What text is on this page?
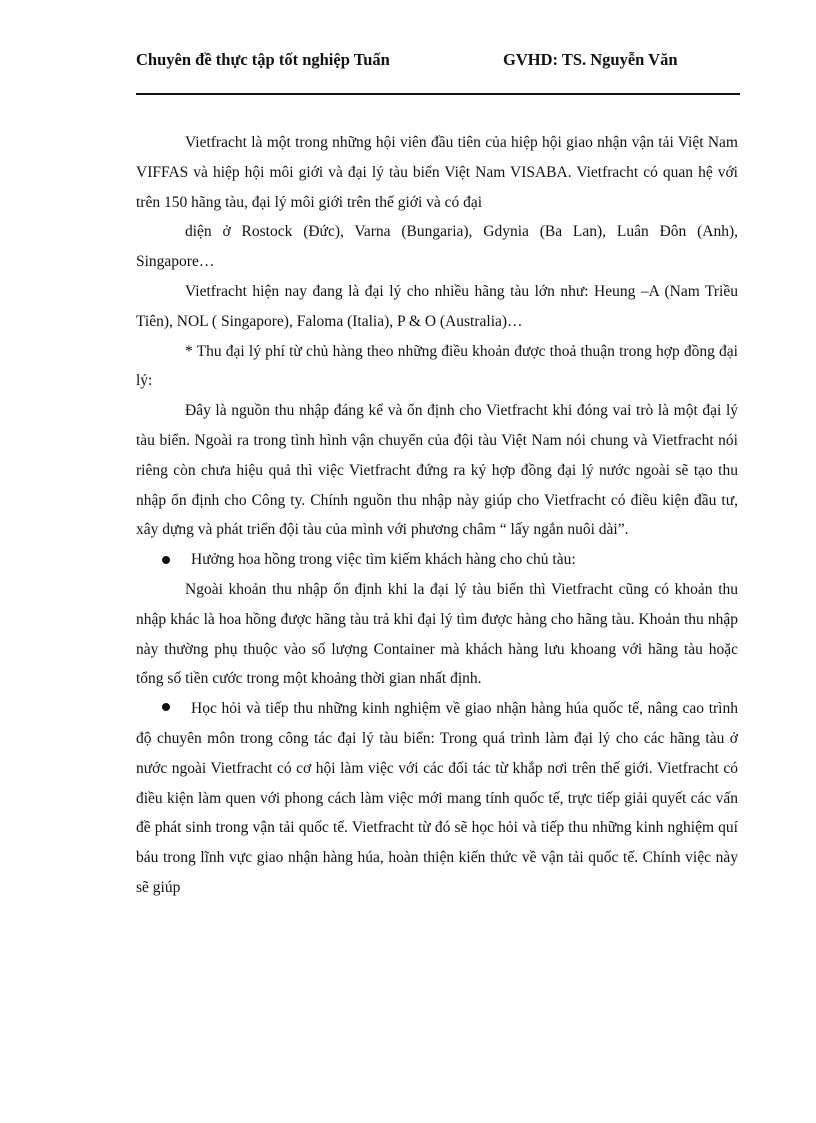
Chuyên đề thực tập tốt nghiệp Tuấn	GVHD: TS. Nguyễn Văn

Vietfracht là một trong những hội viên đầu tiên của hiệp hội giao nhận vận tải Việt Nam VIFFAS và hiệp hội môi giới và đại lý tàu biển Việt Nam VISABA. Vietfracht có quan hệ với trên 150 hãng tàu, đại lý môi giới trên thế giới và có đại

diện ở Rostock (Đức), Varna (Bungaria), Gdynia (Ba Lan), Luân Đôn (Anh),

Singapore…

Vietfracht hiện nay đang là đại lý cho nhiều hãng tàu lớn như: Heung –A (Nam Triều Tiên), NOL ( Singapore), Faloma (Italia), P & O (Australia)…

* Thu đại lý phí từ chủ hàng theo những điều khoản được thoả thuận trong hợp đồng đại lý:

Đây là nguồn thu nhập đáng kể và ổn định cho Vietfracht khi đóng vai trò là một đại lý tàu biển. Ngoài ra trong tình hình vận chuyển của đội tàu Việt Nam nói chung và Vietfracht nói riêng còn chưa hiệu quả thì việc Vietfracht đứng ra ký hợp đồng đại lý nước ngoài sẽ tạo thu nhập ổn định cho Công ty. Chính nguồn thu nhập này giúp cho Vietfracht có điều kiện đầu tư, xây dựng và phát triển đội tàu của mình với phương châm “ lấy ngắn nuôi dài”.

Hưởng hoa hồng trong việc tìm kiếm khách hàng cho chủ tàu:

Ngoài khoản thu nhập ổn định khi la đại lý tàu biển thì Vietfracht cũng có khoản thu nhập khác là hoa hồng được hãng tàu trả khi đại lý tìm được hàng cho hãng tàu. Khoản thu nhập này thường phụ thuộc vào số lượng Container mà khách hàng lưu khoang với hãng tàu hoặc tổng số tiền cước trong một khoảng thời gian nhất định.

Học hỏi và tiếp thu những kinh nghiệm về giao nhận hàng húa quốc tế, nâng cao trình độ chuyên môn trong công tác đại lý tàu biển: Trong quá trình làm đại lý cho các hãng tàu ở nước ngoài Vietfracht có cơ hội làm việc với các đối tác từ khắp nơi trên thế giới. Vietfracht có điều kiện làm quen với phong cách làm việc mới mang tính quốc tế, trực tiếp giải quyết các vấn đề phát sinh trong vận tải quốc tế. Vietfracht từ đó sẽ học hỏi và tiếp thu những kinh nghiệm quí báu trong lĩnh vực giao nhận hàng húa, hoàn thiện kiến thức về vận tải quốc tế. Chính việc này sẽ giúp
